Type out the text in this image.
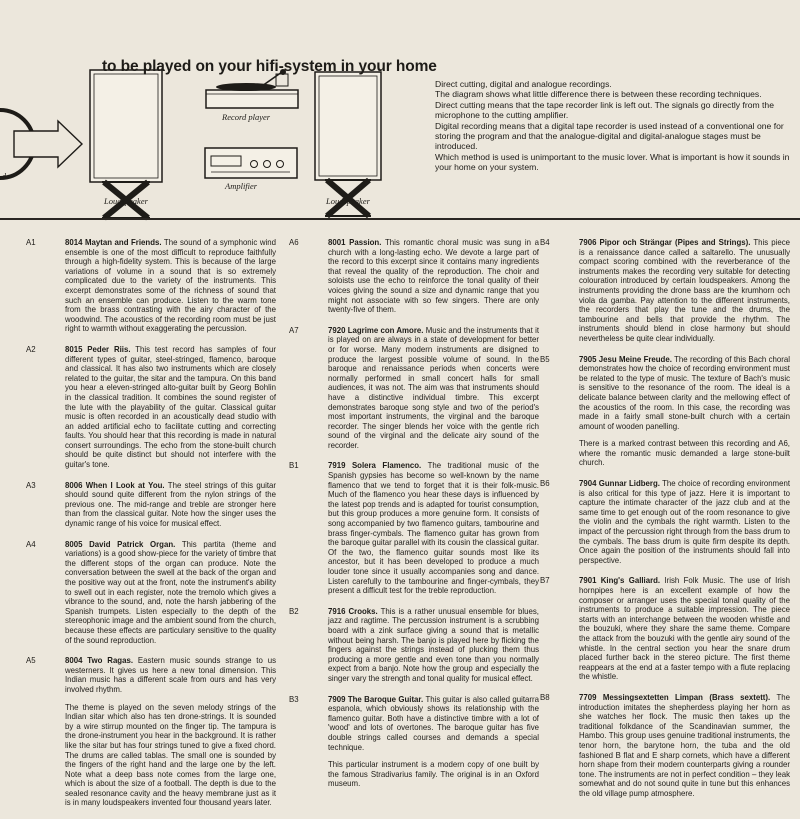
to be played on your hifi-system in your home
d
Record player
Amplifier
Loudspeaker	Loudspeaker

Direct cutting, digital and analogue recordings.

The diagram shows what little difference there is between these recording techniques.

Direct cutting means that the tape recorder link is left out. The signals go directly from the microphone to the cutting amplifier.

Digital recording means that a digital tape recorder is used instead of a conventional one for storing the program and that the analogue-digital and digital-analogue stages must be introduced.

Which method is used is unimportant to the music lover. What is important is how it sounds in your home on your system.

A1	8014 Maytan and Friends. The sound of a symphonic wind ensemble is one of the most difficult to reproduce faithfully through a high-fidelity system. This is because of the large variations of volume in a sound that is so extremely complicated due to the variety of the instruments. This excerpt demonstrates some of the richness of sound that such an ensemble can produce. Listen to the warm tone from the brass contrasting with the airy character of the woodwind. The acoustics of the recording room must be just right to warmth without exaggerating the percussion.

A2	8015 Peder Riis. This test record has samples of four different types of guitar, steel-stringed, flamenco, baroque and classical. It has also two instruments which are closely related to the guitar, the sitar and the tampura. On this band you hear a eleven-stringed alto-guitar built by Georg Bohlin in the classical tradition. It combines the sound register of the lute with the playability of the guitar. Classical guitar music is often recorded in an acoustically dead studio with an added artificial echo to facilitate cutting and correcting faults. You should hear that this recording is made in natural consert surroundings. The echo from the stone-built church should be quite distinct but should not interfere with the guitar's tone.

A3	8006 When I Look at You. The steel strings of this guitar should sound quite different from the nylon strings of the previous one. The mid-range and treble are stronger here than from the classical guitar. Note how the singer uses the dynamic range of his voice for musical effect.

A4	8005 David Patrick Organ. This partita (theme and variations) is a good show-piece for the variety of timbre that the different stops of the organ can produce. Note the conversation between the swell at the back of the organ and the positive way out at the front, note the instrument's ability to swell out in each register, note the tremolo which gives a vibrance to the sound, and, note the harsh jabbering of the Spanish trumpets. Listen especially to the depth of the stereophonic image and the ambient sound from the church, because these effects are particulary sensitive to the quality of the sound reproduction.

A5	8004 Two Ragas. Eastern music sounds strange to us westerners. It gives us here a new tonal dimension. This Indian music has a different scale from ours and has very involved rhythm.

The theme is played on the seven melody strings of the Indian sitar which also has ten drone-strings. It is sounded by a wire stirrup mounted on the finger tip. The tampura is the drone-instrument you hear in the background. It is rather like the sitar but has four strings tuned to give a fixed chord. The drums are called tablas. The small one is sounded by the fingers of the right hand and the large one by the left. Note what a deep bass note comes from the large one, which is about the size of a football. The depth is due to the sealed resonance cavity and the heavy membrane just as it is in many loudspeakers invented four thousand years later.

A6	8001 Passion. This romantic choral music was sung in a church with a long-lasting echo. We devote a large part of the record to this excerpt since it contains many ingredients that reveal the quality of the reproduction. The choir and soloists use the echo to reinforce the tonal quality of their voices giving the sound a size and dynamic range that you might not associate with so few singers. There are only twenty-five of them.

A7	7920 Lagrime con Amore. Music and the instruments that it is played on are always in a state of development for better or for worse. Many modern instruments are disigned to produce the largest possible volume of sound. In the baroque and renaissance periods when concerts were normally performed in small concert halls for small audiences, it was not. The aim was that instruments should have a distinctive individual timbre. This excerpt demonstrates baroque song style and two of the period's most important instruments, the virginal and the baroque recorder. The singer blends her voice with the gentle rich sound of the virginal and the delicate airy sound of the recorder.

B1	7919 Solera Flamenco. The traditional music of the Spanish gypsies has become so well-known by the name flamenco that we tend to forget that it is their folk-music. Much of the flamenco you hear these days is influenced by the latest pop trends and is adapted for tourist consumption, but this group produces a more genuine form. It consists of song accompanied by two flamenco guitars, tambourine and brass finger-cymbals. The flamenco guitar has grown from the baroque guitar parallel with its cousin the classical guitar. Of the two, the flamenco guitar sounds most like its ancestor, but it has been developed to produce a much louder tone since it usually accompanies song and dance. Listen carefully to the tambourine and finger-cymbals, they present a difficult test for the treble reproduction.

B2	7916 Crooks. This is a rather unusual ensemble for blues, jazz and ragtime. The percussion instrument is a scrubbing board with a zink surface giving a sound that is metallic without being harsh. The banjo is played here by flicking the fingers against the strings instead of plucking them thus producing a more gentle and even tone than you normally expect from a banjo. Note how the group and especially the singer vary the strength and tonal quality for musical effect.

B3	7909 The Baroque Guitar. This guitar is also called guitarra espanola, which obviously shows its relationship with the flamenco guitar. Both have a distinctive timbre with a lot of 'wood' and lots of overtones. The baroque guitar has five double strings called courses and demands a special technique.

This particular instrument is a modern copy of one built by the famous Stradivarius family. The original is in an Oxford museum.

B4	7906 Pipor och Strängar (Pipes and Strings). This piece is a renaissance dance called a saltarello. The unusually compact scoring combined with the reverberance of the instruments makes the recording very suitable for detecting colouration introduced by certain loudspeakers. Among the instruments providing the drone bass are the krumhorn och viola da gamba. Pay attention to the different instruments, the recorders that play the tune and the drums, the tambourine and bells that provide the rhythm. The instruments should blend in close harmony but should nevertheless be quite clear individually.

B5	7905 Jesu Meine Freude. The recording of this Bach choral demonstrates how the choice of recording environment must be related to the type of music. The texture of Bach's music is sensitive to the resonance of the room. The ideal is a delicate balance between clarity and the mellowing effect of the acoustics of the room. In this case, the recording was made in a fairly small stone-built church with a certain amount of wooden panelling.

There is a marked contrast between this recording and A6, where the romantic music demanded a large stone-built church.

B6	7904 Gunnar Lidberg. The choice of recording environment is also critical for this type of jazz. Here it is important to capture the intimate character of the jazz club and at the same time to get enough out of the room resonance to give the violin and the cymbals the right warmth. Listen to the impact of the percussion right through from the bass drum to the cymbals. The bass drum is quite firm despite its depth. Once again the position of the instruments should fall into perspective.

B7	7901 King's Galliard. Irish Folk Music. The use of Irish hornpipes here is an excellent example of how the composer or arranger uses the special tonal quality of the instruments to produce a suitable impression. The piece starts with an interchange between the wooden whistle and the bouzuki, where they share the same theme. Compare the attack from the bouzuki with the gentle airy sound of the whistle. In the central section you hear the snare drum placed further back in the stereo picture. The first theme reappears at the end at a faster tempo with a flute replacing the whistle.

B8	7709 Messingsextetten Limpan (Brass sextett). The introduction imitates the shepherdess playing her horn as she watches her flock. The music then takes up the traditional folkdance of the Scandinavian summer, the Hambo. This group uses genuine traditional instruments, the tenor horn, the barytone horn, the tuba and the old fashioned B flat and E sharp cornets, which have a different horn shape from their modern counterparts giving a rounder tone. The instruments are not in perfect condition – they leak somewhat and do not sound quite in tune but this enhances the old village pump atmosphere.
